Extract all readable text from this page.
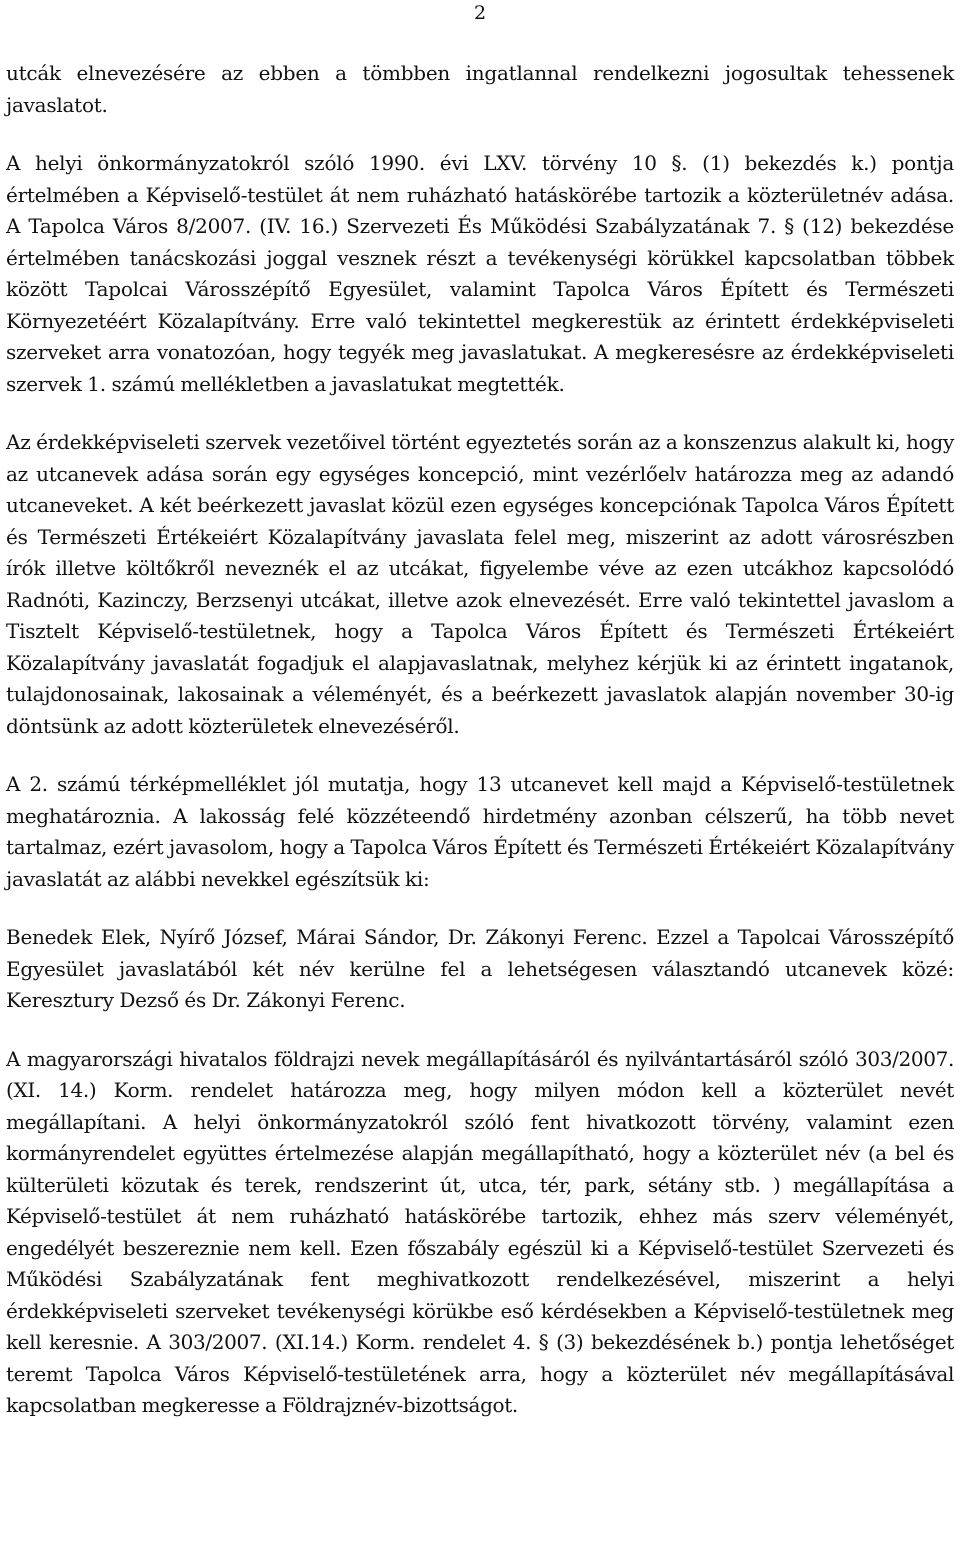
2

utcák elnevezésére az ebben a tömbben ingatlannal rendelkezni jogosultak tehessenek javaslatot.

A helyi önkormányzatokról szóló 1990. évi LXV. törvény 10 §. (1) bekezdés k.) pontja értelmében a Képviselő-testület át nem ruházható hatáskörébe tartozik a közterületnév adása. A Tapolca Város 8/2007. (IV. 16.) Szervezeti És Működési Szabályzatának 7. § (12) bekezdése értelmében tanácskozási joggal vesznek részt a tevékenységi körükkel kapcsolatban többek között Tapolcai Városszépítő Egyesület, valamint Tapolca Város Épített és Természeti Környezetéért Közalapítvány. Erre való tekintettel megkerestük az érintett érdekképviseleti szerveket arra vonatozóan, hogy tegyék meg javaslatukat. A megkeresésre az érdekképviseleti szervek 1. számú mellékletben a javaslatukat megtették.

Az érdekképviseleti szervek vezetőivel történt egyeztetés során az a konszenzus alakult ki, hogy az utcanevek adása során egy egységes koncepció, mint vezérlőelv határozza meg az adandó utcaneveket. A két beérkezett javaslat közül ezen egységes koncepciónak Tapolca Város Épített és Természeti Értékeiért Közalapítvány javaslata felel meg, miszerint az adott városrészben írók illetve költőkről neveznék el az utcákat, figyelembe véve az ezen utcákhoz kapcsolódó Radnóti, Kazinczy, Berzsenyi utcákat, illetve azok elnevezését. Erre való tekintettel javaslom a Tisztelt Képviselő-testületnek, hogy a Tapolca Város Épített és Természeti Értékeiért Közalapítvány javaslatát fogadjuk el alapjavaslatnak, melyhez kérjük ki az érintett ingatanok, tulajdonosainak, lakosainak a véleményét, és a beérkezett javaslatok alapján november 30-ig döntsünk az adott közterületek elnevezéséről.

A 2. számú térképmelléklet jól mutatja, hogy 13 utcanevet kell majd a Képviselő-testületnek meghatároznia. A lakosság felé közzéteendő hirdetmény azonban célszerű, ha több nevet tartalmaz, ezért javasolom, hogy a Tapolca Város Épített és Természeti Értékeiért Közalapítvány javaslatát az alábbi nevekkel egészítsük ki:

Benedek Elek, Nyírő József, Márai Sándor, Dr. Zákonyi Ferenc. Ezzel a Tapolcai Városszépítő Egyesület javaslatából két név kerülne fel a lehetségesen választandó utcanevek közé: Keresztury Dezső és Dr. Zákonyi Ferenc.

A magyarországi hivatalos földrajzi nevek megállapításáról és nyilvántartásáról szóló 303/2007. (XI. 14.) Korm. rendelet határozza meg, hogy milyen módon kell a közterület nevét megállapítani. A helyi önkormányzatokról szóló fent hivatkozott törvény, valamint ezen kormányrendelet együttes értelmezése alapján megállapítható, hogy a közterület név (a bel és külterületi közutak és terek, rendszerint út, utca, tér, park, sétány stb. ) megállapítása a Képviselő-testület át nem ruházható hatáskörébe tartozik, ehhez más szerv véleményét, engedélyét beszereznie nem kell. Ezen főszabály egészül ki a Képviselő-testület Szervezeti és Működési Szabályzatának fent meghivatkozott rendelkezésével, miszerint a helyi érdekképviseleti szerveket tevékenységi körükbe eső kérdésekben a Képviselő-testületnek meg kell keresnie. A 303/2007. (XI.14.) Korm. rendelet 4. § (3) bekezdésének b.) pontja lehetőséget teremt Tapolca Város Képviselő-testületének arra, hogy a közterület név megállapításával kapcsolatban megkeresse a Földrajznév-bizottságot.
